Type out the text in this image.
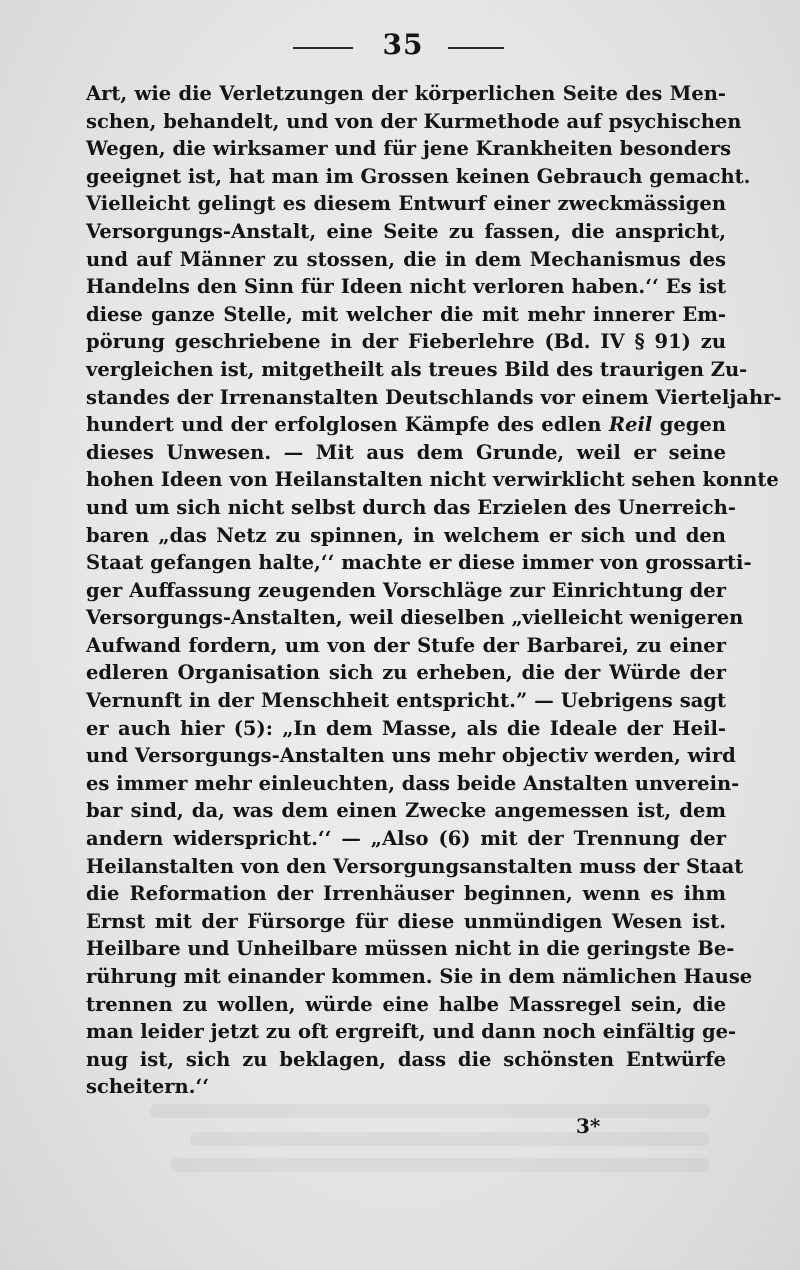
35
Art, wie die Verletzungen der körperlichen Seite des Men-
schen, behandelt, und von der Kurmethode auf psychischen
Wegen, die wirksamer und für jene Krankheiten besonders
geeignet ist, hat man im Grossen keinen Gebrauch gemacht.
Vielleicht gelingt es diesem Entwurf einer zweckmässigen
Versorgungs-Anstalt, eine Seite zu fassen, die anspricht,
und auf Männer zu stossen, die in dem Mechanismus des
Handelns den Sinn für Ideen nicht verloren haben.‘‘ Es ist
diese ganze Stelle, mit welcher die mit mehr innerer Em-
pörung geschriebene in der Fieberlehre (Bd. IV § 91) zu
vergleichen ist, mitgetheilt als treues Bild des traurigen Zu-
standes der Irrenanstalten Deutschlands vor einem Vierteljahr-
hundert und der erfolglosen Kämpfe des edlen Reil gegen
dieses Unwesen. — Mit aus dem Grunde, weil er seine
hohen Ideen von Heilanstalten nicht verwirklicht sehen konnte
und um sich nicht selbst durch das Erzielen des Unerreich-
baren „das Netz zu spinnen, in welchem er sich und den
Staat gefangen halte,‘‘ machte er diese immer von grossarti-
ger Auffassung zeugenden Vorschläge zur Einrichtung der
Versorgungs-Anstalten, weil dieselben „vielleicht wenigeren
Aufwand fordern, um von der Stufe der Barbarei, zu einer
edleren Organisation sich zu erheben, die der Würde der
Vernunft in der Menschheit entspricht.” — Uebrigens sagt
er auch hier (5): „In dem Masse, als die Ideale der Heil-
und Versorgungs-Anstalten uns mehr objectiv werden, wird
es immer mehr einleuchten, dass beide Anstalten unverein-
bar sind, da, was dem einen Zwecke angemessen ist, dem
andern widerspricht.‘‘ — „Also (6) mit der Trennung der
Heilanstalten von den Versorgungsanstalten muss der Staat
die Reformation der Irrenhäuser beginnen, wenn es ihm
Ernst mit der Fürsorge für diese unmündigen Wesen ist.
Heilbare und Unheilbare müssen nicht in die geringste Be-
rührung mit einander kommen. Sie in dem nämlichen Hause
trennen zu wollen, würde eine halbe Massregel sein, die
man leider jetzt zu oft ergreift, und dann noch einfältig ge-
nug ist, sich zu beklagen, dass die schönsten Entwürfe
scheitern.‘‘
3*
